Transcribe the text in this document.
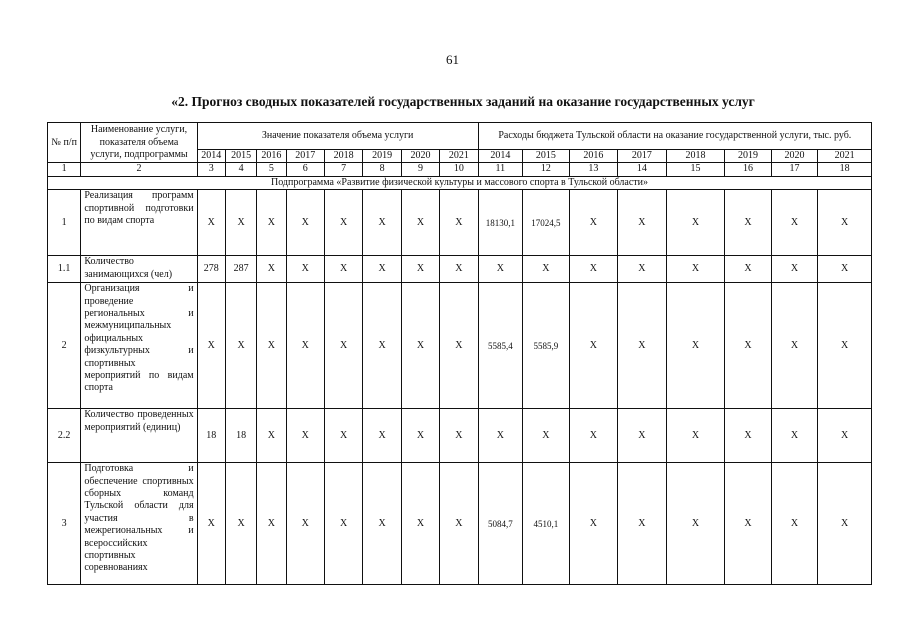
61
«2. Прогноз сводных показателей государственных заданий на оказание государственных услуг
№ п/п	Наименование услуги, показателя объема услуги, подпрограммы	Значение показателя объема услуги								Расходы бюджета Тульской области на оказание государственной услуги, тыс. руб.							
		2014	2015	2016	2017	2018	2019	2020	2021	2014	2015	2016	2017	2018	2019	2020	2021
1	2	3	4	5	6	7	8	9	10	11	12	13	14	15	16	17	18
Подпрограмма «Развитие физической культуры и массового спорта в Тульской области»																	
1	Реализация программ спортивной подготовки по видам спорта	X	X	X	X	X	X	X	X	18130,1	17024,5	X	X	X	X	X	X
1.1	Количество занимающихся (чел)	278	287	X	X	X	X	X	X	X	X	X	X	X	X	X	X
2	Организация и проведение региональных и межмуниципальных официальных физкультурных и спортивных мероприятий по видам спорта	X	X	X	X	X	X	X	X	5585,4	5585,9	X	X	X	X	X	X
2.2	Количество проведенных мероприятий (единиц)	18	18	X	X	X	X	X	X	X	X	X	X	X	X	X	X
3	Подготовка и обеспечение спортивных сборных команд Тульской области для участия в межрегиональных и всероссийских спортивных соревнованиях	X	X	X	X	X	X	X	X	5084,7	4510,1	X	X	X	X	X	X
